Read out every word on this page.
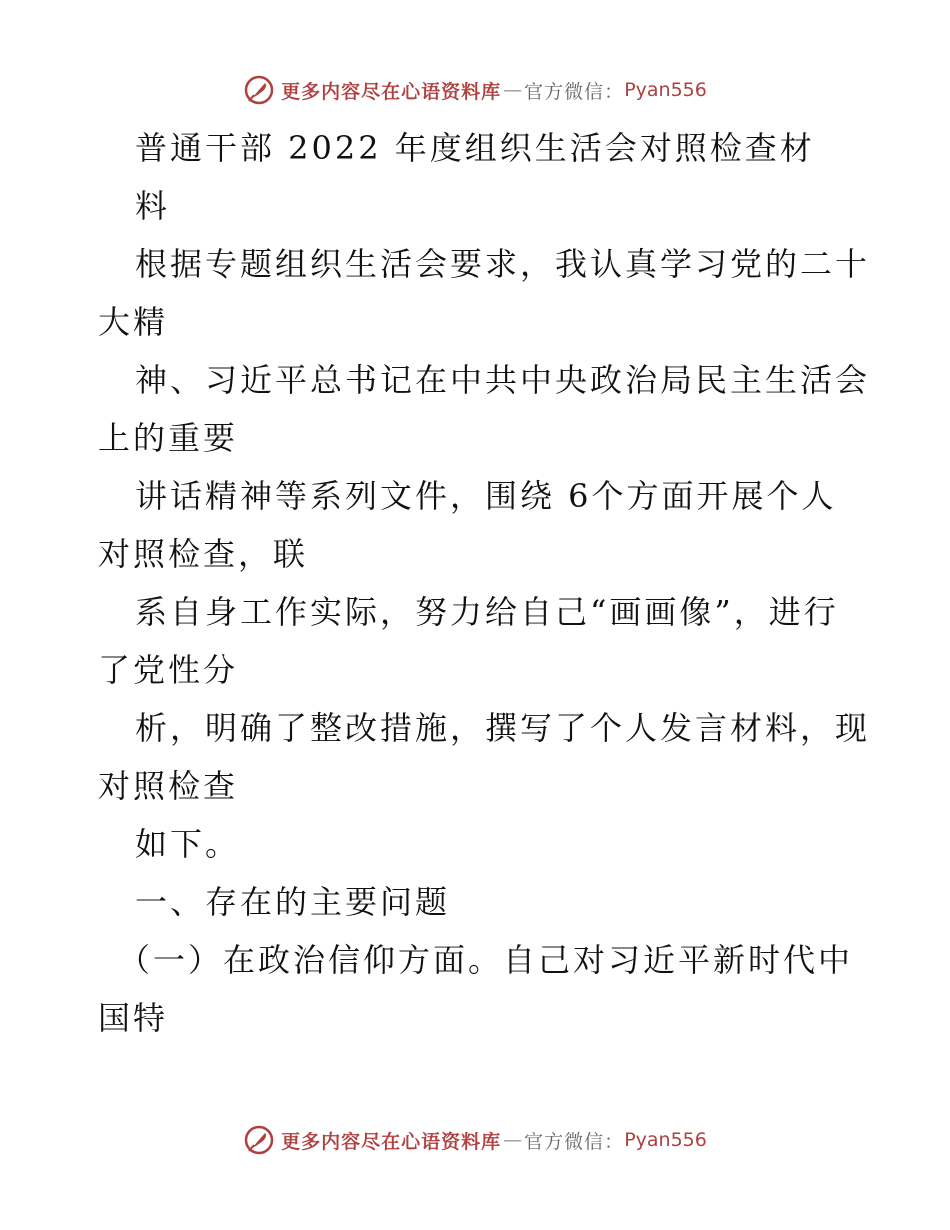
更多内容尽在心语资料库 — 官方微信： Pyan556
普通干部 2022 年度组织生活会对照检查材
料
根据专题组织生活会要求，我认真学习党的二十
大精
神、习近平总书记在中共中央政治局民主生活会
上的重要
讲话精神等系列文件，围绕 6个方面开展个人
对照检查，联
系自身工作实际，努力给自己“画画像”，进行
了党性分
析，明确了整改措施，撰写了个人发言材料，现
对照检查
如下。
一、存在的主要问题
（一）在政治信仰方面。自己对习近平新时代中
国特
更多内容尽在心语资料库 — 官方微信： Pyan556
